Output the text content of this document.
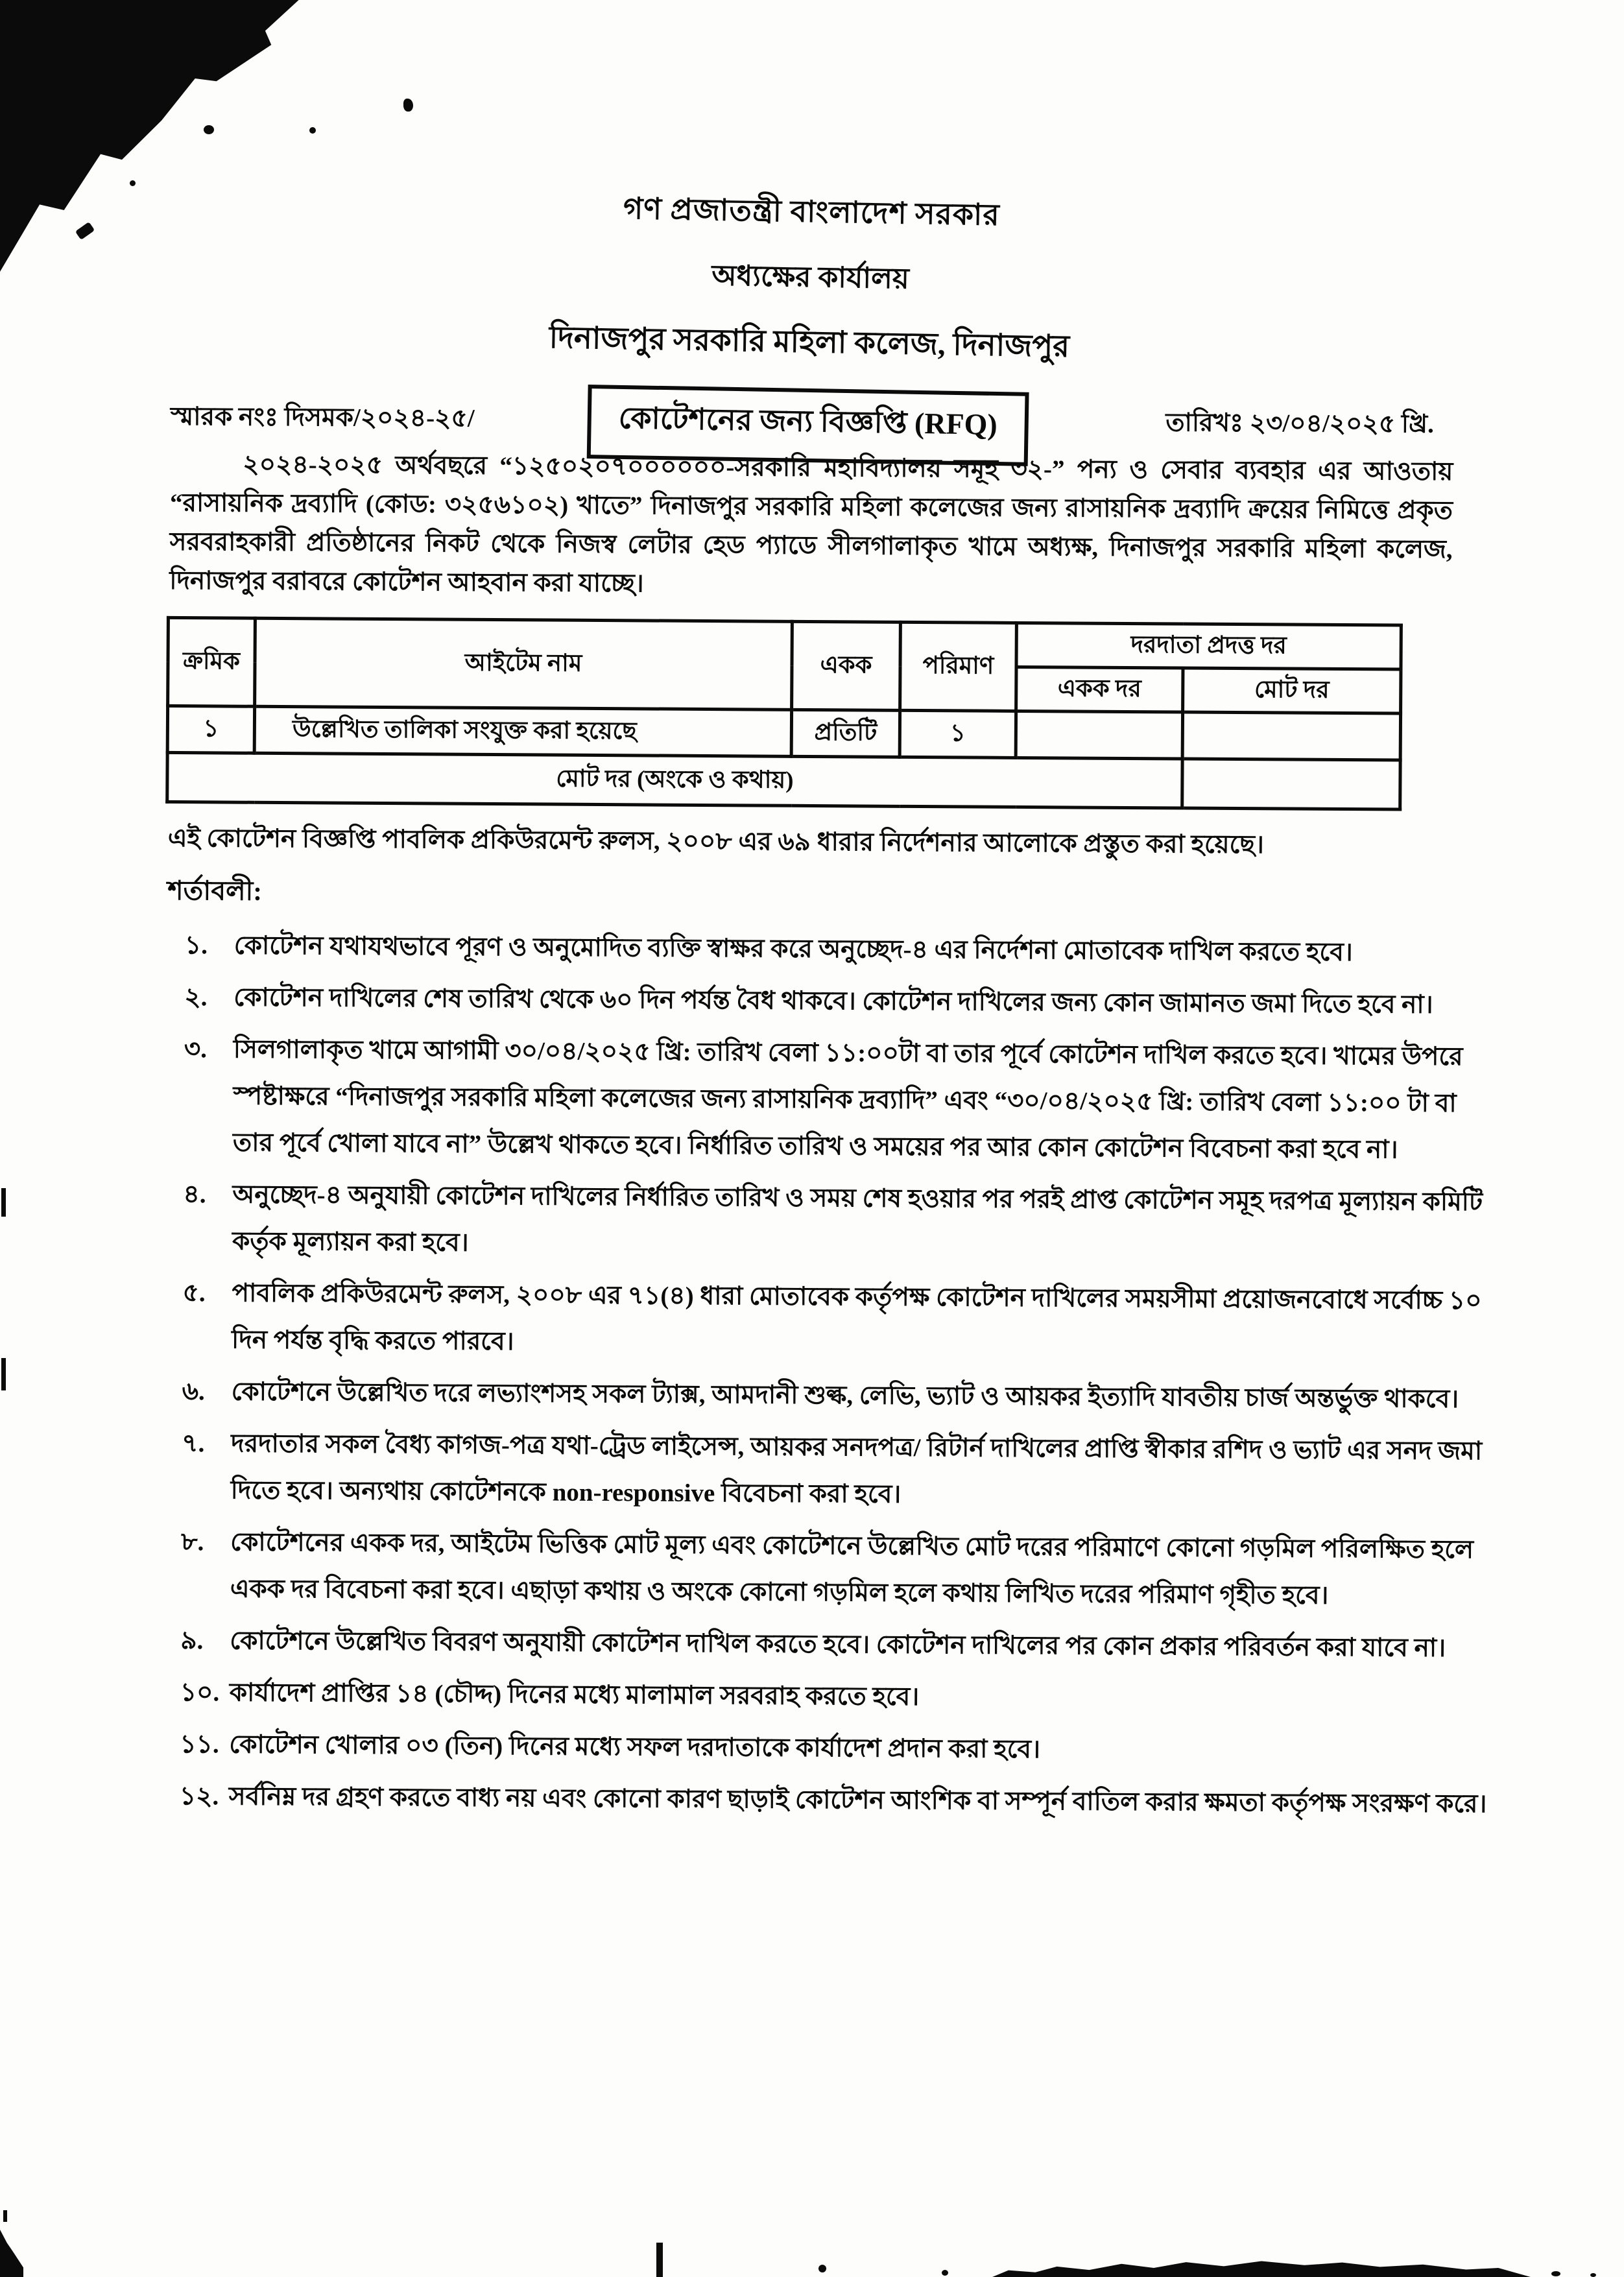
গণ প্রজাতন্ত্রী বাংলাদেশ সরকার
অধ্যক্ষের কার্যালয়
দিনাজপুর সরকারি মহিলা কলেজ, দিনাজপুর
কোটেশনের জন্য বিজ্ঞপ্তি (RFQ)
স্মারক নংঃ দিসমক/২০২৪-২৫/	তারিখঃ ২৩/০৪/২০২৫ খ্রি.
২০২৪-২০২৫ অর্থবছরে “১২৫০২০৭০০০০০০-সরকারি মহাবিদ্যালয় সমূহ ৩২-” পন্য ও সেবার ব্যবহার এর আওতায় “রাসায়নিক দ্রব্যাদি (কোড: ৩২৫৬১০২) খাতে” দিনাজপুর সরকারি মহিলা কলেজের জন্য রাসায়নিক দ্রব্যাদি ক্রয়ের নিমিত্তে প্রকৃত সরবরাহকারী প্রতিষ্ঠানের নিকট থেকে নিজস্ব লেটার হেড প্যাডে সীলগালাকৃত খামে অধ্যক্ষ, দিনাজপুর সরকারি মহিলা কলেজ, দিনাজপুর বরাবরে কোটেশন আহবান করা যাচ্ছে।
ক্রমিক	আইটেম নাম	একক	পরিমাণ	দরদাতা প্রদত্ত দর	
				একক দর	মোট দর
১	উল্লেখিত তালিকা সংযুক্ত করা হয়েছে	প্রতিটি	১		
মোট দর (অংকে ও কথায়)					
এই কোটেশন বিজ্ঞপ্তি পাবলিক প্রকিউরমেন্ট রুলস, ২০০৮ এর ৬৯ ধারার নির্দেশনার আলোকে প্রস্তুত করা হয়েছে।
শর্তাবলী:
১.	কোটেশন যথাযথভাবে পূরণ ও অনুমোদিত ব্যক্তি স্বাক্ষর করে অনুচ্ছেদ-৪ এর নির্দেশনা মোতাবেক দাখিল করতে হবে।
২.	কোটেশন দাখিলের শেষ তারিখ থেকে ৬০ দিন পর্যন্ত বৈধ থাকবে। কোটেশন দাখিলের জন্য কোন জামানত জমা দিতে হবে না।
৩.	সিলগালাকৃত খামে আগামী ৩০/০৪/২০২৫ খ্রি: তারিখ বেলা ১১:০০টা বা তার পূর্বে কোটেশন দাখিল করতে হবে। খামের উপরে স্পষ্টাক্ষরে “দিনাজপুর সরকারি মহিলা কলেজের জন্য রাসায়নিক দ্রব্যাদি” এবং “৩০/০৪/২০২৫ খ্রি: তারিখ বেলা ১১:০০ টা বা তার পূর্বে খোলা যাবে না” উল্লেখ থাকতে হবে। নির্ধারিত তারিখ ও সময়ের পর আর কোন কোটেশন বিবেচনা করা হবে না।
৪.	অনুচ্ছেদ-৪ অনুযায়ী কোটেশন দাখিলের নির্ধারিত তারিখ ও সময় শেষ হওয়ার পর পরই প্রাপ্ত কোটেশন সমূহ দরপত্র মূল্যায়ন কমিটি কর্তৃক মূল্যায়ন করা হবে।
৫.	পাবলিক প্রকিউরমেন্ট রুলস, ২০০৮ এর ৭১(৪) ধারা মোতাবেক কর্তৃপক্ষ কোটেশন দাখিলের সময়সীমা প্রয়োজনবোধে সর্বোচ্চ ১০ দিন পর্যন্ত বৃদ্ধি করতে পারবে।
৬.	কোটেশনে উল্লেখিত দরে লভ্যাংশসহ সকল ট্যাক্স, আমদানী শুল্ক, লেভি, ভ্যাট ও আয়কর ইত্যাদি যাবতীয় চার্জ অন্তর্ভুক্ত থাকবে।
৭.	দরদাতার সকল বৈধ্য কাগজ-পত্র যথা-ট্রেড লাইসেন্স, আয়কর সনদপত্র/ রিটার্ন দাখিলের প্রাপ্তি স্বীকার রশিদ ও ভ্যাট এর সনদ জমা দিতে হবে। অন্যথায় কোটেশনকে non-responsive বিবেচনা করা হবে।
৮.	কোটেশনের একক দর, আইটেম ভিত্তিক মোট মূল্য এবং কোটেশনে উল্লেখিত মোট দরের পরিমাণে কোনো গড়মিল পরিলক্ষিত হলে একক দর বিবেচনা করা হবে। এছাড়া কথায় ও অংকে কোনো গড়মিল হলে কথায় লিখিত দরের পরিমাণ গৃহীত হবে।
৯.	কোটেশনে উল্লেখিত বিবরণ অনুযায়ী কোটেশন দাখিল করতে হবে। কোটেশন দাখিলের পর কোন প্রকার পরিবর্তন করা যাবে না।
১০. কার্যাদেশ প্রাপ্তির ১৪ (চৌদ্দ) দিনের মধ্যে মালামাল সরবরাহ করতে হবে।
১১. কোটেশন খোলার ০৩ (তিন) দিনের মধ্যে সফল দরদাতাকে কার্যাদেশ প্রদান করা হবে।
১২. সর্বনিম্ন দর গ্রহণ করতে বাধ্য নয় এবং কোনো কারণ ছাড়াই কোটেশন আংশিক বা সম্পূর্ন বাতিল করার ক্ষমতা কর্তৃপক্ষ সংরক্ষণ করে।
